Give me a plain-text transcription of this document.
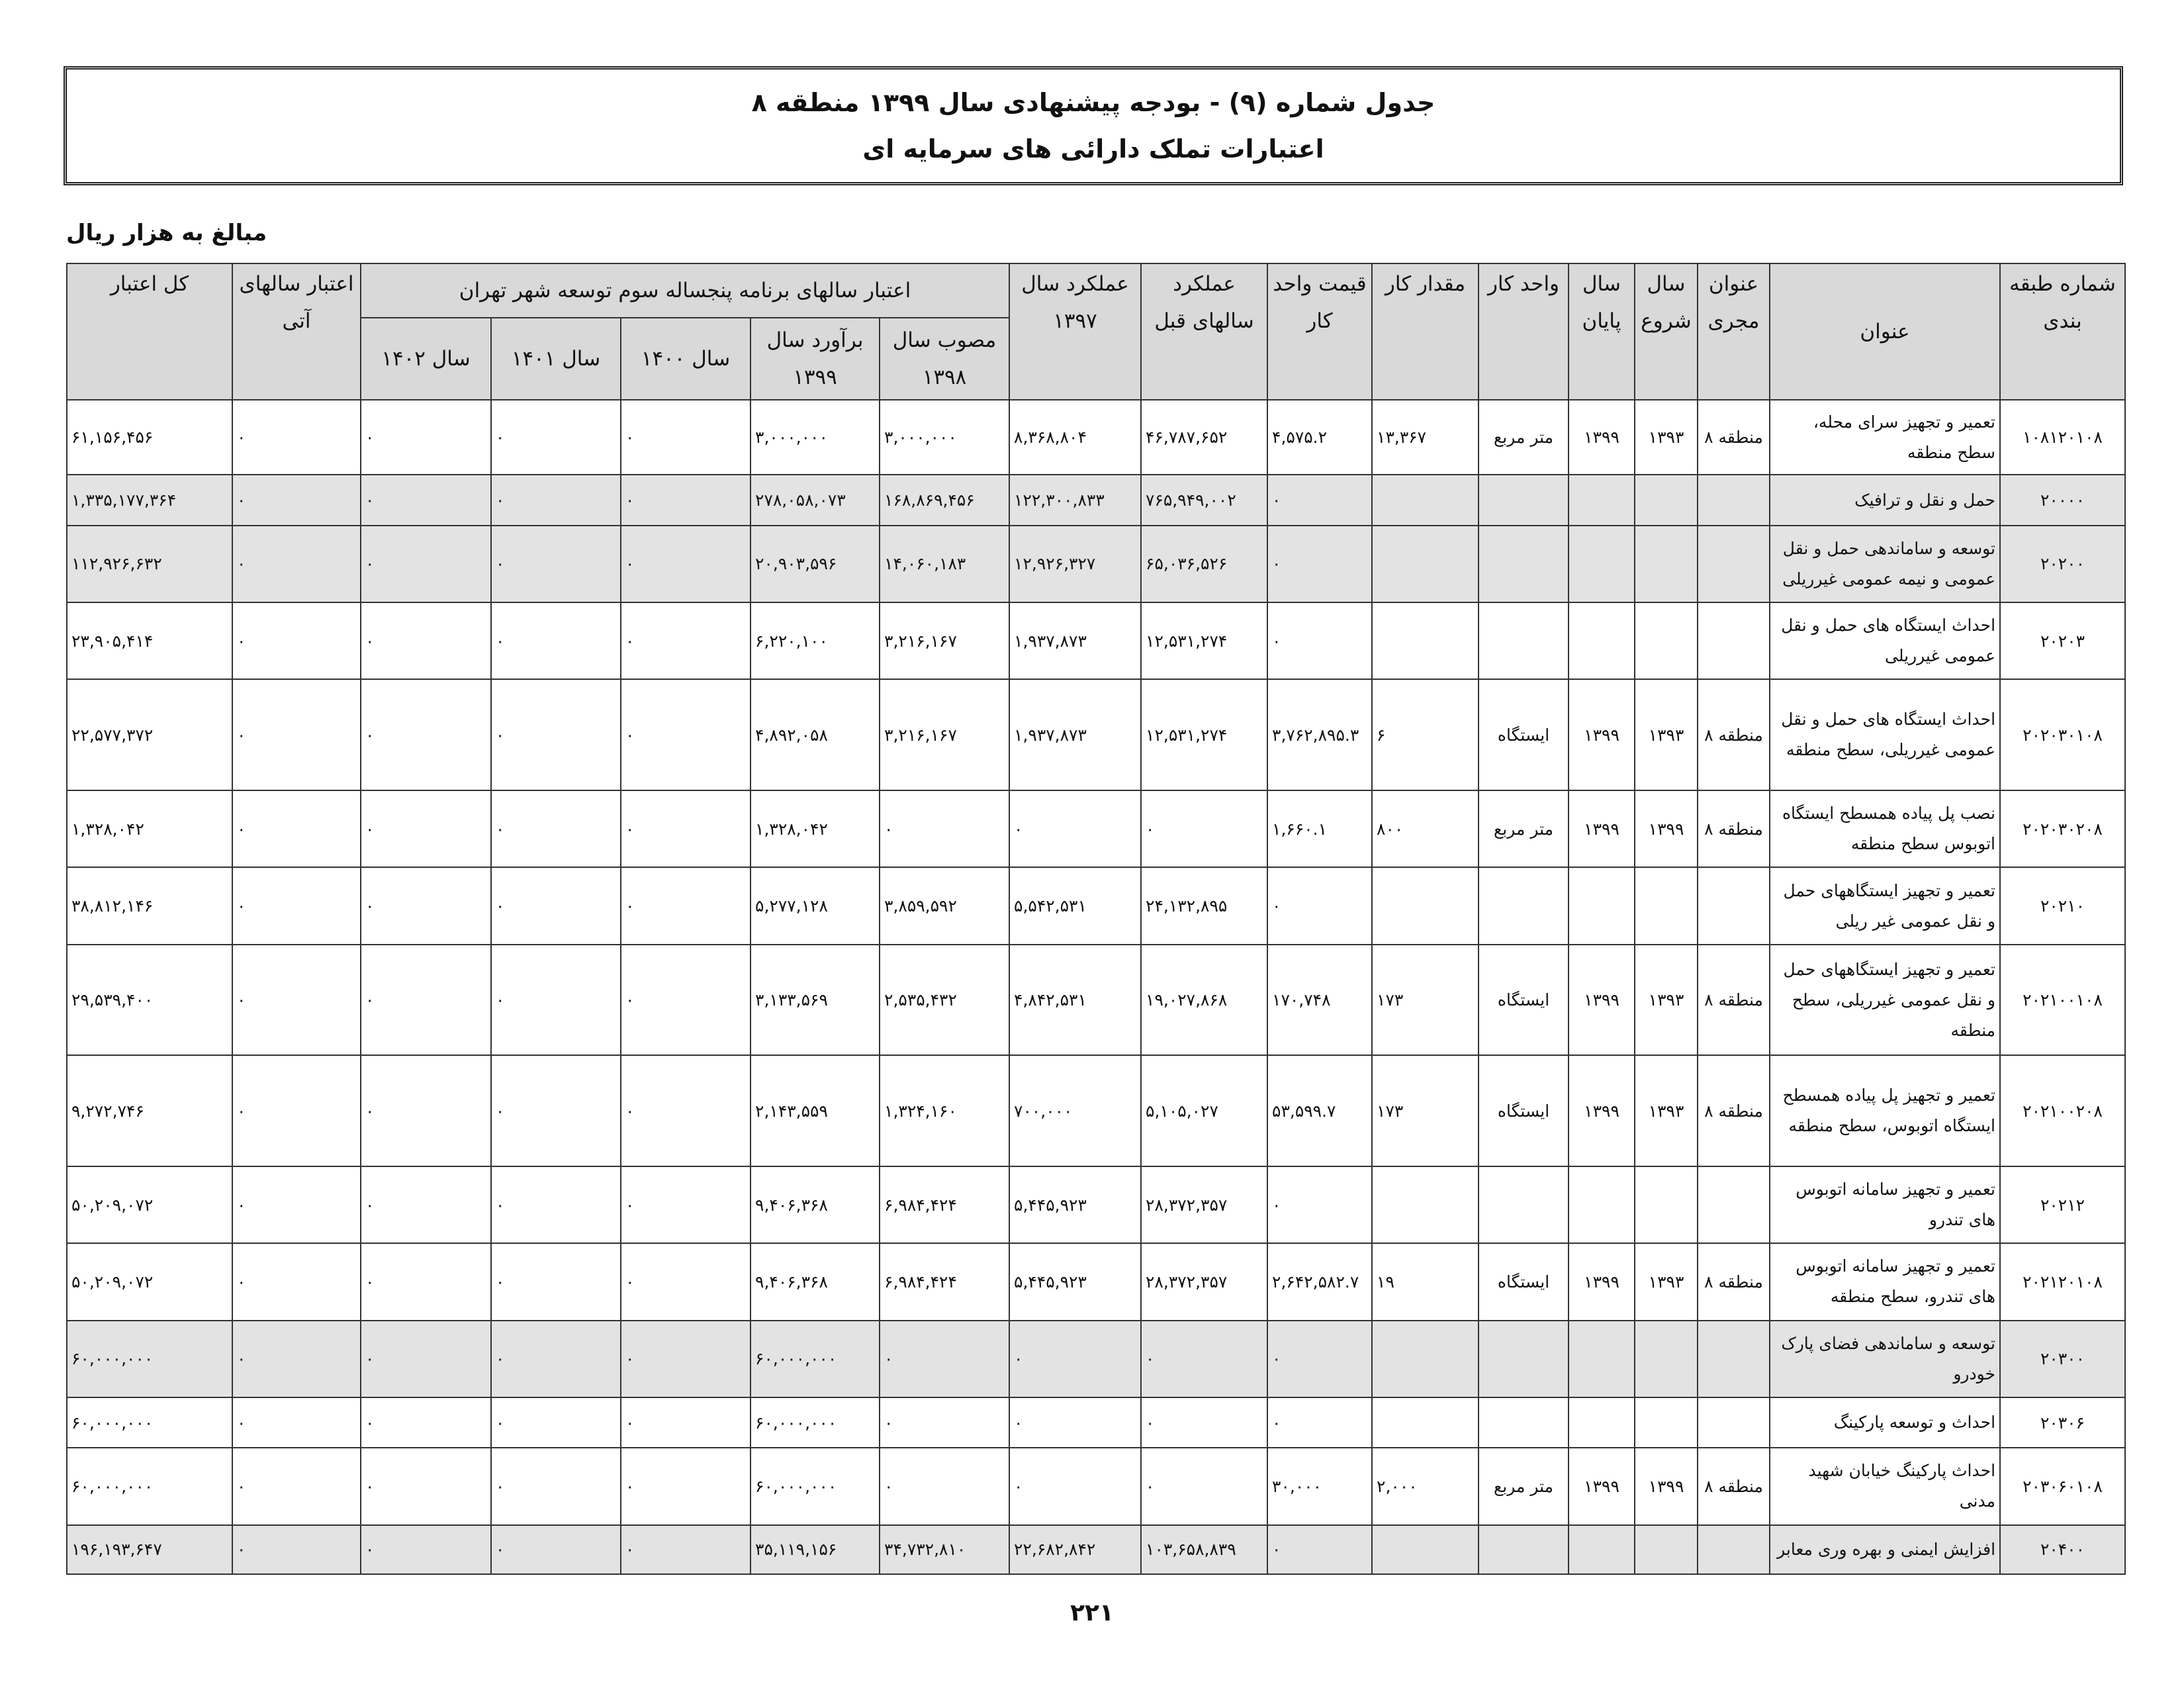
جدول شماره (۹) - بودجه پیشنهادی سال ۱۳۹۹ منطقه ۸
اعتبارات تملک دارائی های سرمایه ای
مبالغ به هزار ریال
شماره طبقه بندی	عنوان	عنوان مجری	سال شروع	سال پایان	واحد کار	مقدار کار	قیمت واحد کار	عملکرد سالهای قبل	عملکرد سال ۱۳۹۷	اعتبار سالهای برنامه پنجساله سوم توسعه شهر تهران					اعتبار سالهای آتی	کل اعتبار
										مصوب سال ۱۳۹۸	برآورد سال ۱۳۹۹	سال ۱۴۰۰	سال ۱۴۰۱	سال ۱۴۰۲		
۱۰۸۱۲۰۱۰۸	تعمیر و تجهیز سرای محله، سطح منطقه	منطقه ۸	۱۳۹۳	۱۳۹۹	متر مربع	۱۳,۳۶۷	۴,۵۷۵.۲	۴۶,۷۸۷,۶۵۲	۸,۳۶۸,۸۰۴	۳,۰۰۰,۰۰۰	۳,۰۰۰,۰۰۰	۰	۰	۰	۰	۶۱,۱۵۶,۴۵۶
۲۰۰۰۰	حمل و نقل و ترافیک						۰	۷۶۵,۹۴۹,۰۰۲	۱۲۲,۳۰۰,۸۳۳	۱۶۸,۸۶۹,۴۵۶	۲۷۸,۰۵۸,۰۷۳	۰	۰	۰	۰	۱,۳۳۵,۱۷۷,۳۶۴
۲۰۲۰۰	توسعه و ساماندهی حمل و نقل عمومی و نیمه عمومی غیرریلی						۰	۶۵,۰۳۶,۵۲۶	۱۲,۹۲۶,۳۲۷	۱۴,۰۶۰,۱۸۳	۲۰,۹۰۳,۵۹۶	۰	۰	۰	۰	۱۱۲,۹۲۶,۶۳۲
۲۰۲۰۳	احداث ایستگاه های حمل و نقل عمومی غیرریلی						۰	۱۲,۵۳۱,۲۷۴	۱,۹۳۷,۸۷۳	۳,۲۱۶,۱۶۷	۶,۲۲۰,۱۰۰	۰	۰	۰	۰	۲۳,۹۰۵,۴۱۴
۲۰۲۰۳۰۱۰۸	احداث ایستگاه های حمل و نقل عمومی غیرریلی، سطح منطقه	منطقه ۸	۱۳۹۳	۱۳۹۹	ایستگاه	۶	۳,۷۶۲,۸۹۵.۳	۱۲,۵۳۱,۲۷۴	۱,۹۳۷,۸۷۳	۳,۲۱۶,۱۶۷	۴,۸۹۲,۰۵۸	۰	۰	۰	۰	۲۲,۵۷۷,۳۷۲
۲۰۲۰۳۰۲۰۸	نصب پل پیاده همسطح ایستگاه اتوبوس سطح منطقه	منطقه ۸	۱۳۹۹	۱۳۹۹	متر مربع	۸۰۰	۱,۶۶۰.۱	۰	۰	۰	۱,۳۲۸,۰۴۲	۰	۰	۰	۰	۱,۳۲۸,۰۴۲
۲۰۲۱۰	تعمیر و تجهیز ایستگاههای حمل و نقل عمومی غیر ریلی						۰	۲۴,۱۳۲,۸۹۵	۵,۵۴۲,۵۳۱	۳,۸۵۹,۵۹۲	۵,۲۷۷,۱۲۸	۰	۰	۰	۰	۳۸,۸۱۲,۱۴۶
۲۰۲۱۰۰۱۰۸	تعمیر و تجهیز ایستگاههای حمل و نقل عمومی غیرریلی، سطح منطقه	منطقه ۸	۱۳۹۳	۱۳۹۹	ایستگاه	۱۷۳	۱۷۰,۷۴۸	۱۹,۰۲۷,۸۶۸	۴,۸۴۲,۵۳۱	۲,۵۳۵,۴۳۲	۳,۱۳۳,۵۶۹	۰	۰	۰	۰	۲۹,۵۳۹,۴۰۰
۲۰۲۱۰۰۲۰۸	تعمیر و تجهیز پل پیاده همسطح ایستگاه اتوبوس، سطح منطقه	منطقه ۸	۱۳۹۳	۱۳۹۹	ایستگاه	۱۷۳	۵۳,۵۹۹.۷	۵,۱۰۵,۰۲۷	۷۰۰,۰۰۰	۱,۳۲۴,۱۶۰	۲,۱۴۳,۵۵۹	۰	۰	۰	۰	۹,۲۷۲,۷۴۶
۲۰۲۱۲	تعمیر و تجهیز سامانه اتوبوس های تندرو						۰	۲۸,۳۷۲,۳۵۷	۵,۴۴۵,۹۲۳	۶,۹۸۴,۴۲۴	۹,۴۰۶,۳۶۸	۰	۰	۰	۰	۵۰,۲۰۹,۰۷۲
۲۰۲۱۲۰۱۰۸	تعمیر و تجهیز سامانه اتوبوس های تندرو، سطح منطقه	منطقه ۸	۱۳۹۳	۱۳۹۹	ایستگاه	۱۹	۲,۶۴۲,۵۸۲.۷	۲۸,۳۷۲,۳۵۷	۵,۴۴۵,۹۲۳	۶,۹۸۴,۴۲۴	۹,۴۰۶,۳۶۸	۰	۰	۰	۰	۵۰,۲۰۹,۰۷۲
۲۰۳۰۰	توسعه و ساماندهی فضای پارک خودرو						۰	۰	۰	۰	۶۰,۰۰۰,۰۰۰	۰	۰	۰	۰	۶۰,۰۰۰,۰۰۰
۲۰۳۰۶	احداث و توسعه پارکینگ						۰	۰	۰	۰	۶۰,۰۰۰,۰۰۰	۰	۰	۰	۰	۶۰,۰۰۰,۰۰۰
۲۰۳۰۶۰۱۰۸	احداث پارکینگ خیابان شهید مدنی	منطقه ۸	۱۳۹۹	۱۳۹۹	متر مربع	۲,۰۰۰	۳۰,۰۰۰	۰	۰	۰	۶۰,۰۰۰,۰۰۰	۰	۰	۰	۰	۶۰,۰۰۰,۰۰۰
۲۰۴۰۰	افزایش ایمنی و بهره وری معابر						۰	۱۰۳,۶۵۸,۸۳۹	۲۲,۶۸۲,۸۴۲	۳۴,۷۳۲,۸۱۰	۳۵,۱۱۹,۱۵۶	۰	۰	۰	۰	۱۹۶,۱۹۳,۶۴۷
۲۲۱
